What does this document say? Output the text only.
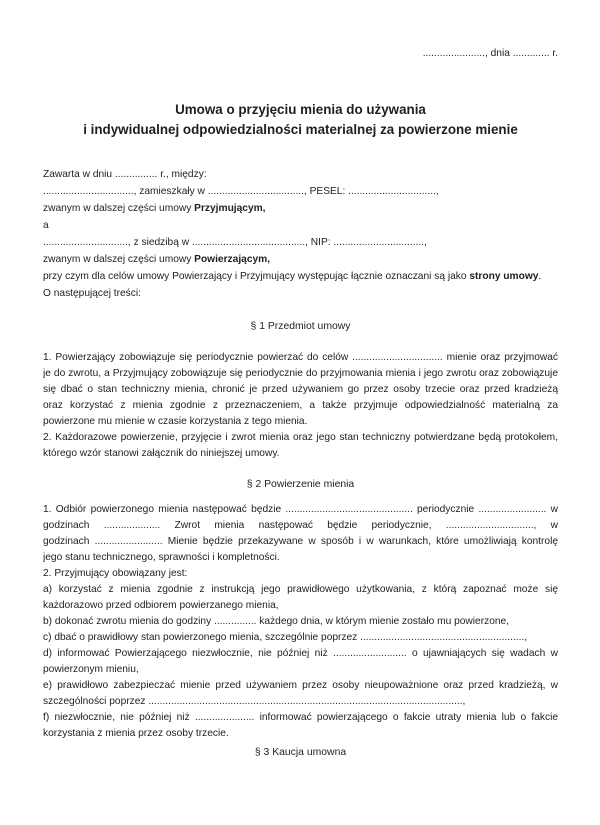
......................, dnia ............. r.
Umowa o przyjęciu mienia do używania
i indywidualnej odpowiedzialności materialnej za powierzone mienie
Zawarta w dniu ............... r., między:
................................, zamieszkały w .................................., PESEL: ...............................,
zwanym w dalszej części umowy Przyjmującym,
a
.............................., z siedzibą w ........................................, NIP: ................................,
zwanym w dalszej części umowy Powierzającym,
przy czym dla celów umowy Powierzający i Przyjmujący występując łącznie oznaczani są jako strony umowy.
O następującej treści:
§ 1 Przedmiot umowy
1. Powierzający zobowiązuje się periodycznie powierzać do celów ................................ mienie oraz przyjmować
je do zwrotu, a Przyjmujący zobowiązuje się periodycznie do przyjmowania mienia i jego zwrotu oraz zobowiązuje
się dbać o stan techniczny mienia, chronić je przed używaniem go przez osoby trzecie oraz przed kradzieżą
oraz korzystać z mienia zgodnie z przeznaczeniem, a także przyjmuje odpowiedzialność materialną za
powierzone mu mienie w czasie korzystania z tego mienia.
2. Każdorazowe powierzenie, przyjęcie i zwrot mienia oraz jego stan techniczny potwierdzane będą protokołem,
którego wzór stanowi załącznik do niniejszej umowy.
§ 2 Powierzenie mienia
1. Odbiór powierzonego mienia następować będzie ............................................. periodycznie ........................ w
godzinach .................... Zwrot mienia następować będzie periodycznie, ..............................., w
godzinach ........................ Mienie będzie przekazywane w sposób i w warunkach, które umożliwiają kontrolę
jego stanu technicznego, sprawności i kompletności.
2. Przyjmujący obowiązany jest:
a) korzystać z mienia zgodnie z instrukcją jego prawidłowego użytkowania, z którą zapoznać może się
każdorazowo przed odbiorem powierzanego mienia,
b) dokonać zwrotu mienia do godziny ............... każdego dnia, w którym mienie zostało mu powierzone,
c) dbać o prawidłowy stan powierzonego mienia, szczególnie poprzez ..........................................................,
d) informować Powierzającego niezwłocznie, nie później niż .......................... o ujawniających się wadach w
powierzonym mieniu,
e) prawidłowo zabezpieczać mienie przed używaniem przez osoby nieupoważnione oraz przed kradzieżą, w
szczególności poprzez ...............................................................................................................,
f) niezwłocznie, nie później niż ..................... informować powierzającego o fakcie utraty mienia lub o fakcie
korzystania z mienia przez osoby trzecie.
§ 3 Kaucja umowna
